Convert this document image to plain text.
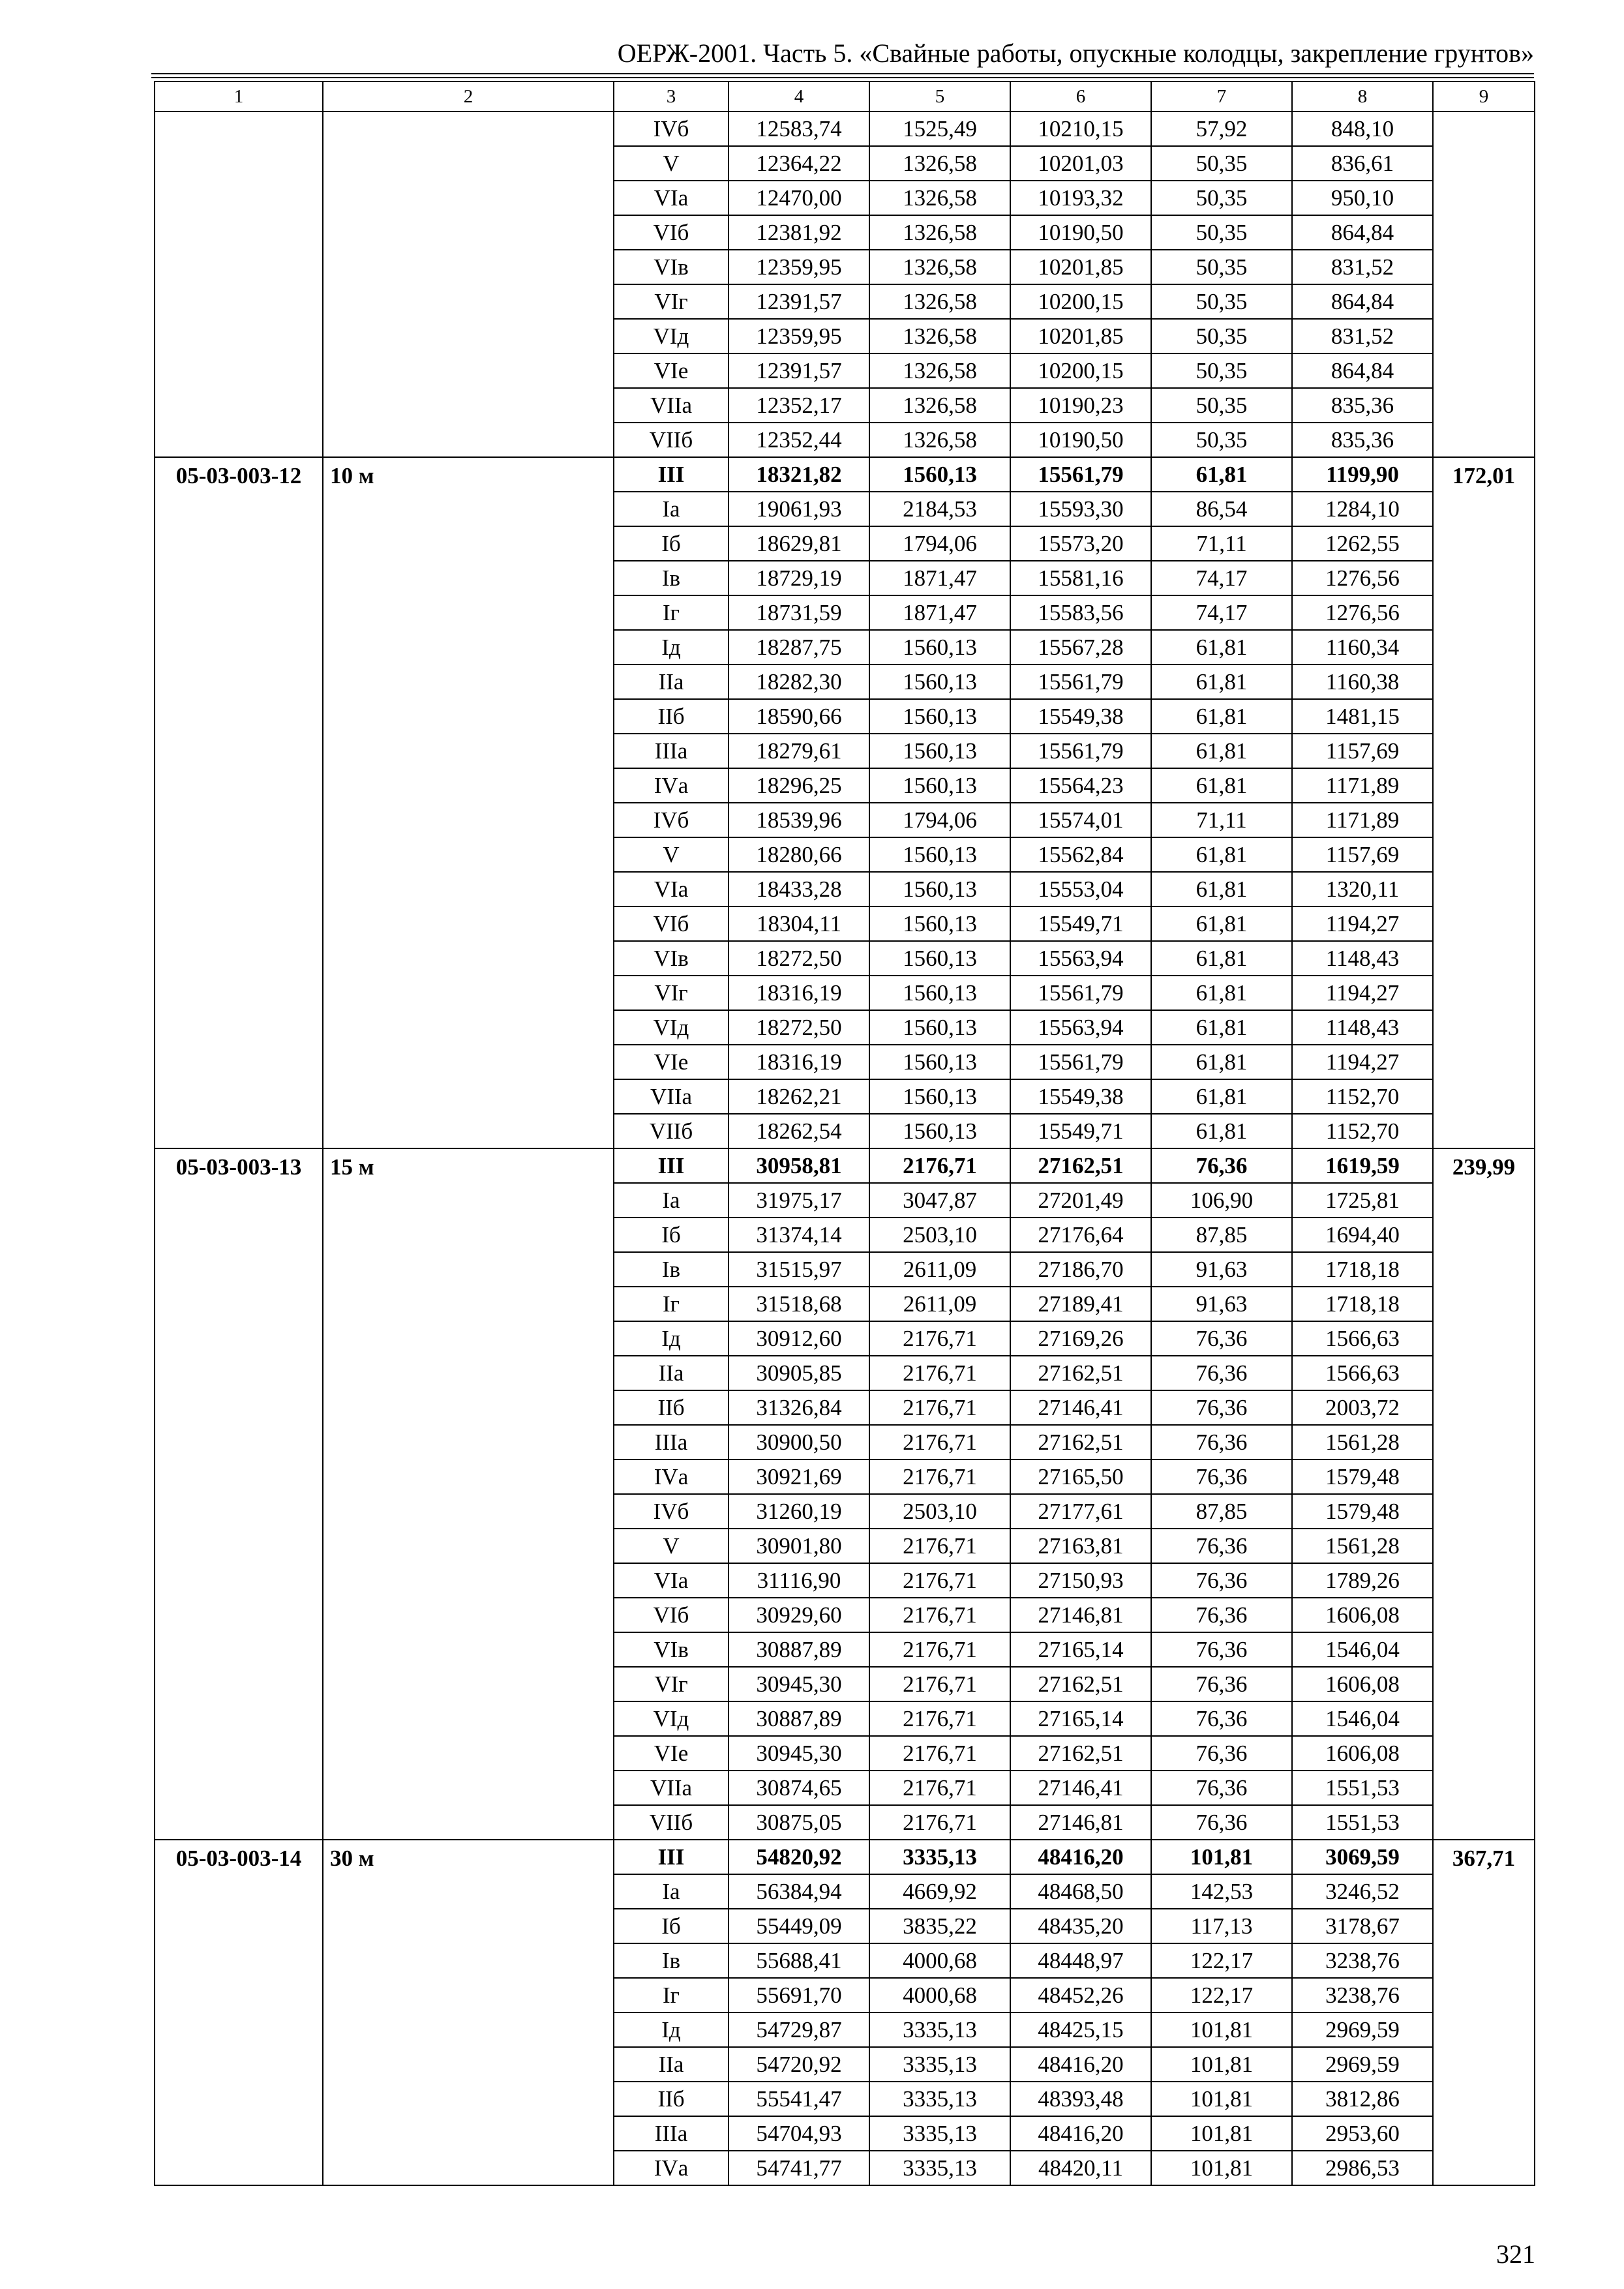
ОЕРЖ-2001. Часть 5. «Свайные работы, опускные колодцы, закрепление грунтов»
1	2	3	4	5	6	7	8	9
		IVб	12583,74	1525,49	10210,15	57,92	848,10	
		V	12364,22	1326,58	10201,03	50,35	836,61	
		VIа	12470,00	1326,58	10193,32	50,35	950,10	
		VIб	12381,92	1326,58	10190,50	50,35	864,84	
		VIв	12359,95	1326,58	10201,85	50,35	831,52	
		VIг	12391,57	1326,58	10200,15	50,35	864,84	
		VIд	12359,95	1326,58	10201,85	50,35	831,52	
		VIе	12391,57	1326,58	10200,15	50,35	864,84	
		VIIа	12352,17	1326,58	10190,23	50,35	835,36	
		VIIб	12352,44	1326,58	10190,50	50,35	835,36	
05-03-003-12	10 м	III	18321,82	1560,13	15561,79	61,81	1199,90	172,01
		Iа	19061,93	2184,53	15593,30	86,54	1284,10	
		Iб	18629,81	1794,06	15573,20	71,11	1262,55	
		Iв	18729,19	1871,47	15581,16	74,17	1276,56	
		Iг	18731,59	1871,47	15583,56	74,17	1276,56	
		Iд	18287,75	1560,13	15567,28	61,81	1160,34	
		IIа	18282,30	1560,13	15561,79	61,81	1160,38	
		IIб	18590,66	1560,13	15549,38	61,81	1481,15	
		IIIа	18279,61	1560,13	15561,79	61,81	1157,69	
		IVа	18296,25	1560,13	15564,23	61,81	1171,89	
		IVб	18539,96	1794,06	15574,01	71,11	1171,89	
		V	18280,66	1560,13	15562,84	61,81	1157,69	
		VIа	18433,28	1560,13	15553,04	61,81	1320,11	
		VIб	18304,11	1560,13	15549,71	61,81	1194,27	
		VIв	18272,50	1560,13	15563,94	61,81	1148,43	
		VIг	18316,19	1560,13	15561,79	61,81	1194,27	
		VIд	18272,50	1560,13	15563,94	61,81	1148,43	
		VIе	18316,19	1560,13	15561,79	61,81	1194,27	
		VIIа	18262,21	1560,13	15549,38	61,81	1152,70	
		VIIб	18262,54	1560,13	15549,71	61,81	1152,70	
05-03-003-13	15 м	III	30958,81	2176,71	27162,51	76,36	1619,59	239,99
		Iа	31975,17	3047,87	27201,49	106,90	1725,81	
		Iб	31374,14	2503,10	27176,64	87,85	1694,40	
		Iв	31515,97	2611,09	27186,70	91,63	1718,18	
		Iг	31518,68	2611,09	27189,41	91,63	1718,18	
		Iд	30912,60	2176,71	27169,26	76,36	1566,63	
		IIа	30905,85	2176,71	27162,51	76,36	1566,63	
		IIб	31326,84	2176,71	27146,41	76,36	2003,72	
		IIIа	30900,50	2176,71	27162,51	76,36	1561,28	
		IVа	30921,69	2176,71	27165,50	76,36	1579,48	
		IVб	31260,19	2503,10	27177,61	87,85	1579,48	
		V	30901,80	2176,71	27163,81	76,36	1561,28	
		VIа	31116,90	2176,71	27150,93	76,36	1789,26	
		VIб	30929,60	2176,71	27146,81	76,36	1606,08	
		VIв	30887,89	2176,71	27165,14	76,36	1546,04	
		VIг	30945,30	2176,71	27162,51	76,36	1606,08	
		VIд	30887,89	2176,71	27165,14	76,36	1546,04	
		VIе	30945,30	2176,71	27162,51	76,36	1606,08	
		VIIа	30874,65	2176,71	27146,41	76,36	1551,53	
		VIIб	30875,05	2176,71	27146,81	76,36	1551,53	
05-03-003-14	30 м	III	54820,92	3335,13	48416,20	101,81	3069,59	367,71
		Iа	56384,94	4669,92	48468,50	142,53	3246,52	
		Iб	55449,09	3835,22	48435,20	117,13	3178,67	
		Iв	55688,41	4000,68	48448,97	122,17	3238,76	
		Iг	55691,70	4000,68	48452,26	122,17	3238,76	
		Iд	54729,87	3335,13	48425,15	101,81	2969,59	
		IIа	54720,92	3335,13	48416,20	101,81	2969,59	
		IIб	55541,47	3335,13	48393,48	101,81	3812,86	
		IIIа	54704,93	3335,13	48416,20	101,81	2953,60	
		IVа	54741,77	3335,13	48420,11	101,81	2986,53	
321
